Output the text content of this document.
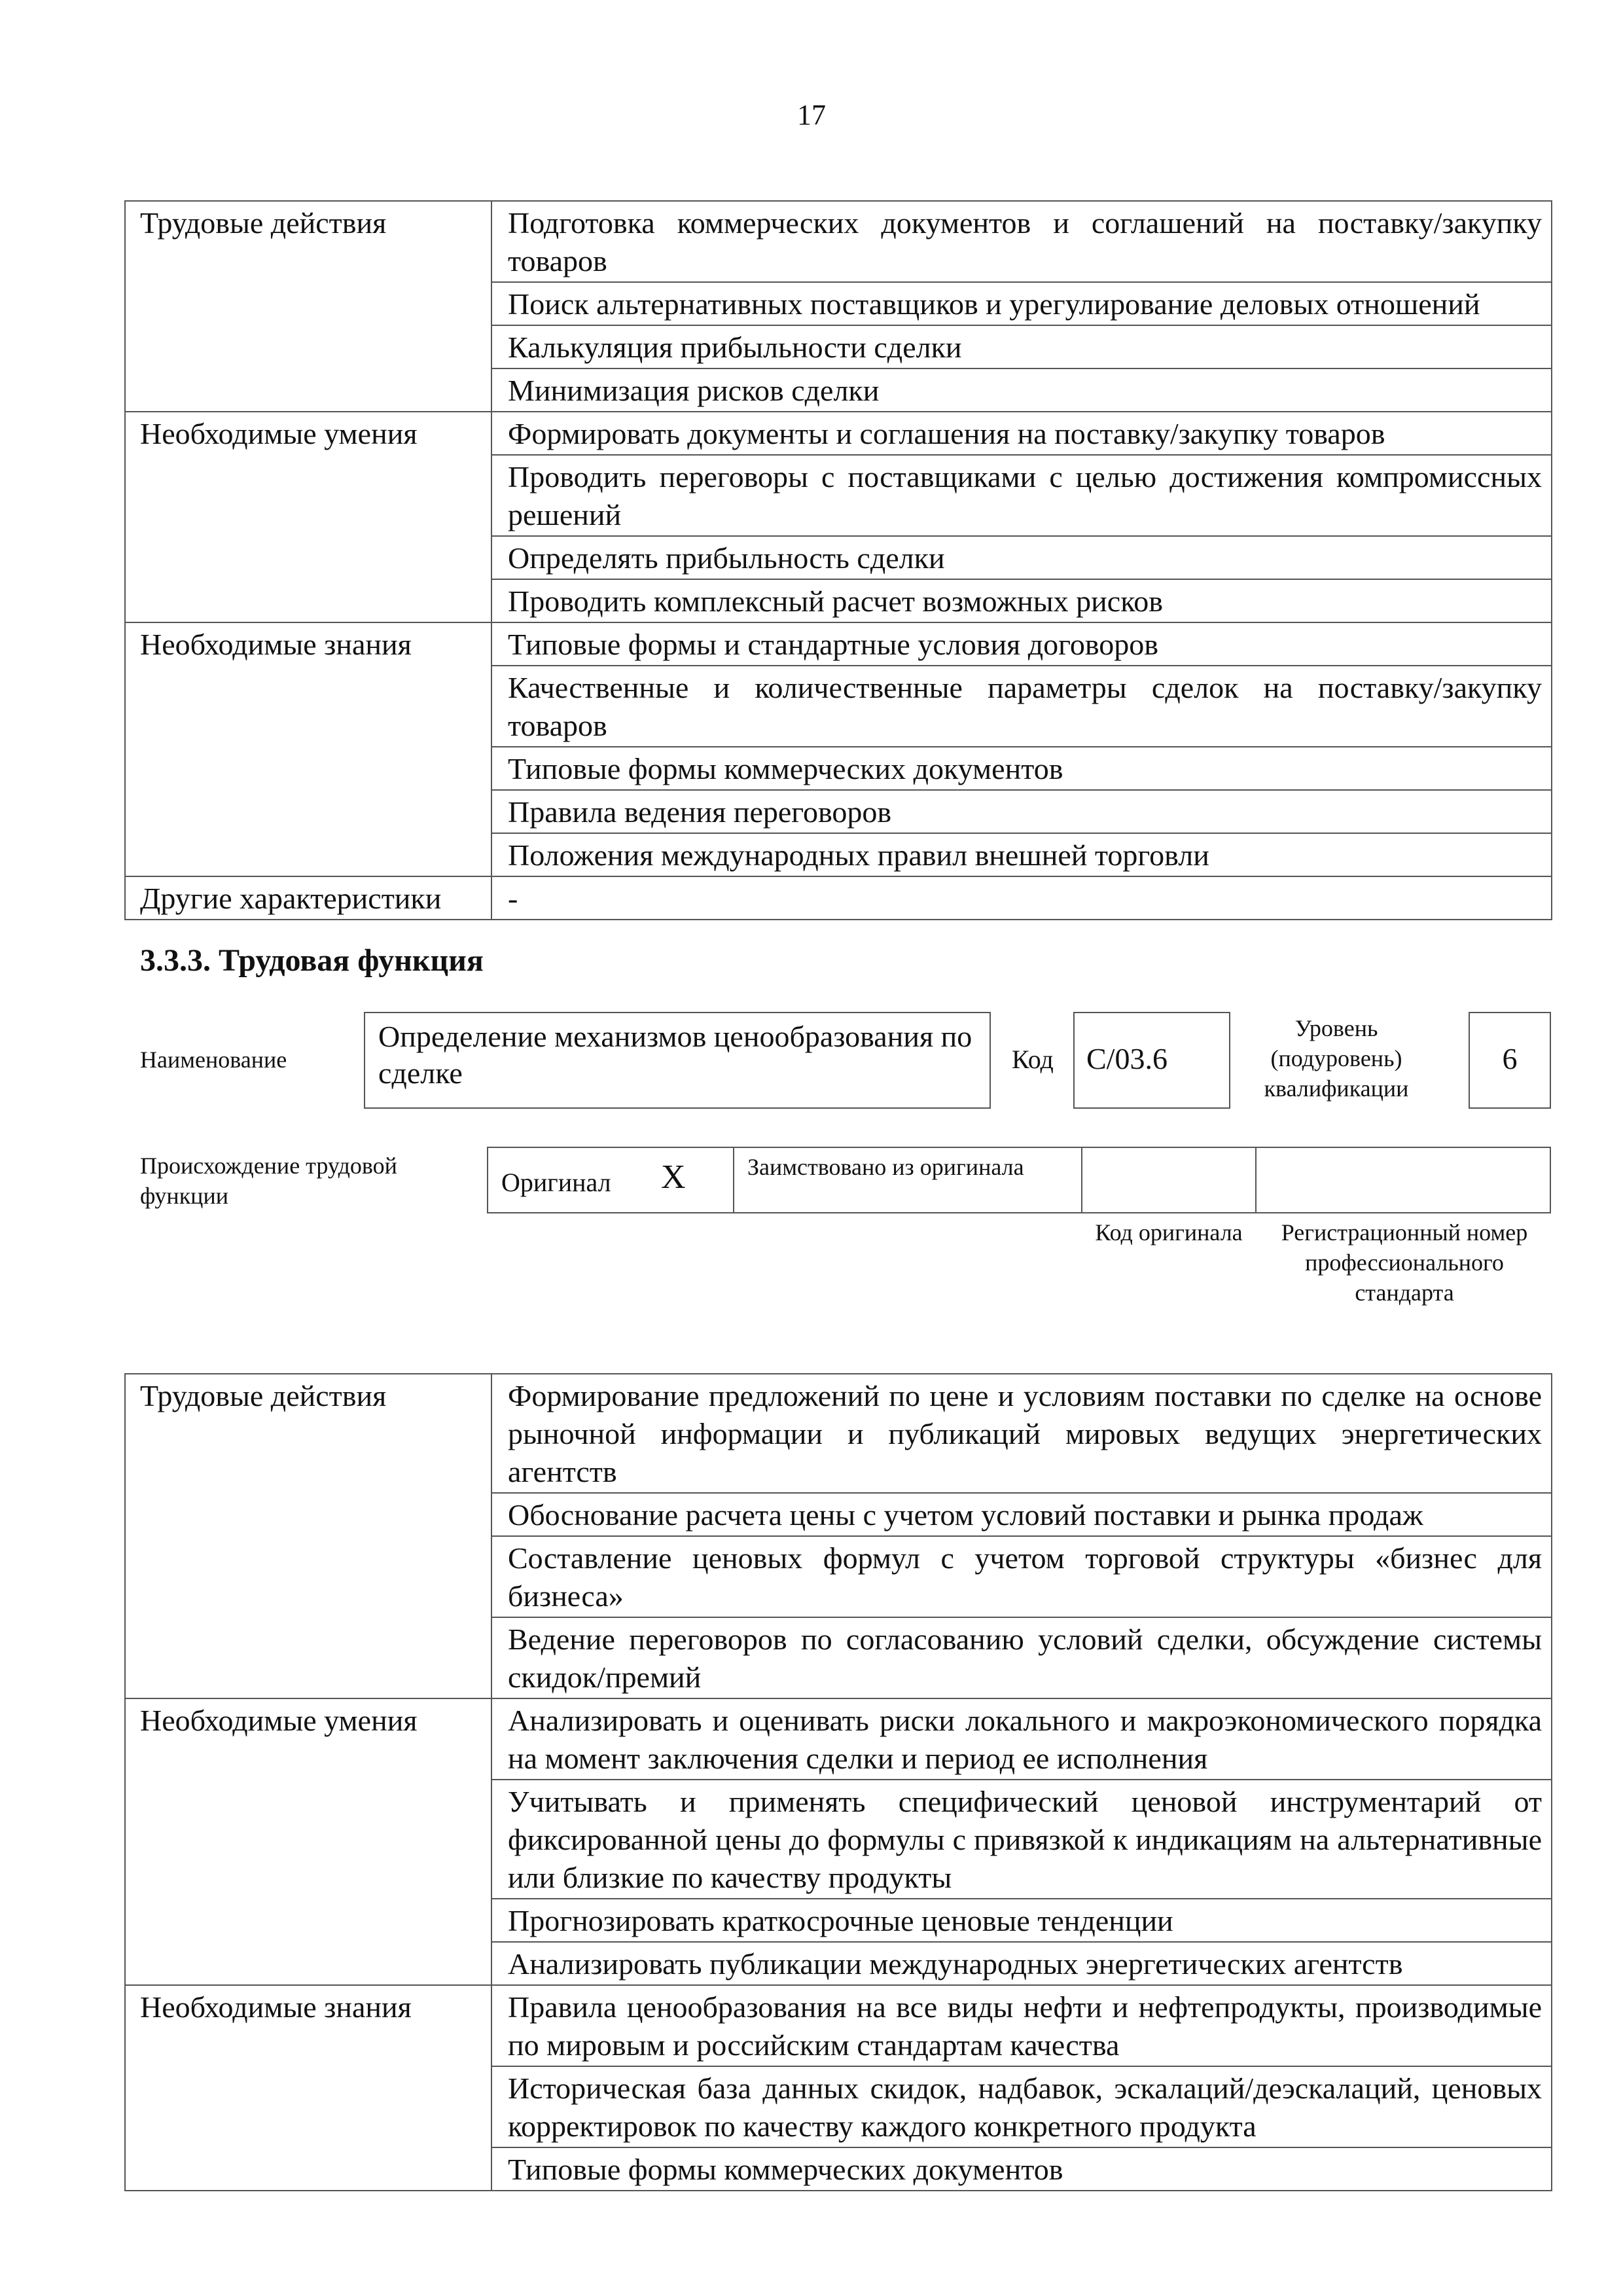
17
Трудовые действия	Подготовка коммерческих документов и соглашений на поставку/закупку товаров
	Поиск альтернативных поставщиков и урегулирование деловых отношений
	Калькуляция прибыльности сделки
	Минимизация рисков сделки
Необходимые умения	Формировать документы и соглашения на поставку/закупку товаров
	Проводить переговоры с поставщиками с целью достижения компромиссных решений
	Определять прибыльность сделки
	Проводить комплексный расчет возможных рисков
Необходимые знания	Типовые формы и стандартные условия договоров
	Качественные и количественные параметры сделок на поставку/закупку товаров
	Типовые формы коммерческих документов
	Правила ведения переговоров
	Положения международных правил внешней торговли
Другие характеристики	-
3.3.3. Трудовая функция
Наименование
Определение механизмов ценообразования по сделке	Код C/03.6
Уровень (подуровень) квалификации
6
Происхождение трудовой функции	Оригинал X	Заимствовано из оригинала
Код оригинала	Регистрационный номер профессионального стандарта
Трудовые действия	Формирование предложений по цене и условиям поставки по сделке на основе рыночной информации и публикаций мировых ведущих энергетических агентств
	Обоснование расчета цены с учетом условий поставки и рынка продаж
	Составление ценовых формул с учетом торговой структуры «бизнес для бизнеса»
	Ведение переговоров по согласованию условий сделки, обсуждение системы скидок/премий
Необходимые умения	Анализировать и оценивать риски локального и макроэкономического порядка на момент заключения сделки и период ее исполнения
	Учитывать и применять специфический ценовой инструментарий от фиксированной цены до формулы с привязкой к индикациям на альтернативные или близкие по качеству продукты
	Прогнозировать краткосрочные ценовые тенденции
	Анализировать публикации международных энергетических агентств
Необходимые знания	Правила ценообразования на все виды нефти и нефтепродукты, производимые по мировым и российским стандартам качества
	Историческая база данных скидок, надбавок, эскалаций/деэскалаций, ценовых корректировок по качеству каждого конкретного продукта
	Типовые формы коммерческих документов
